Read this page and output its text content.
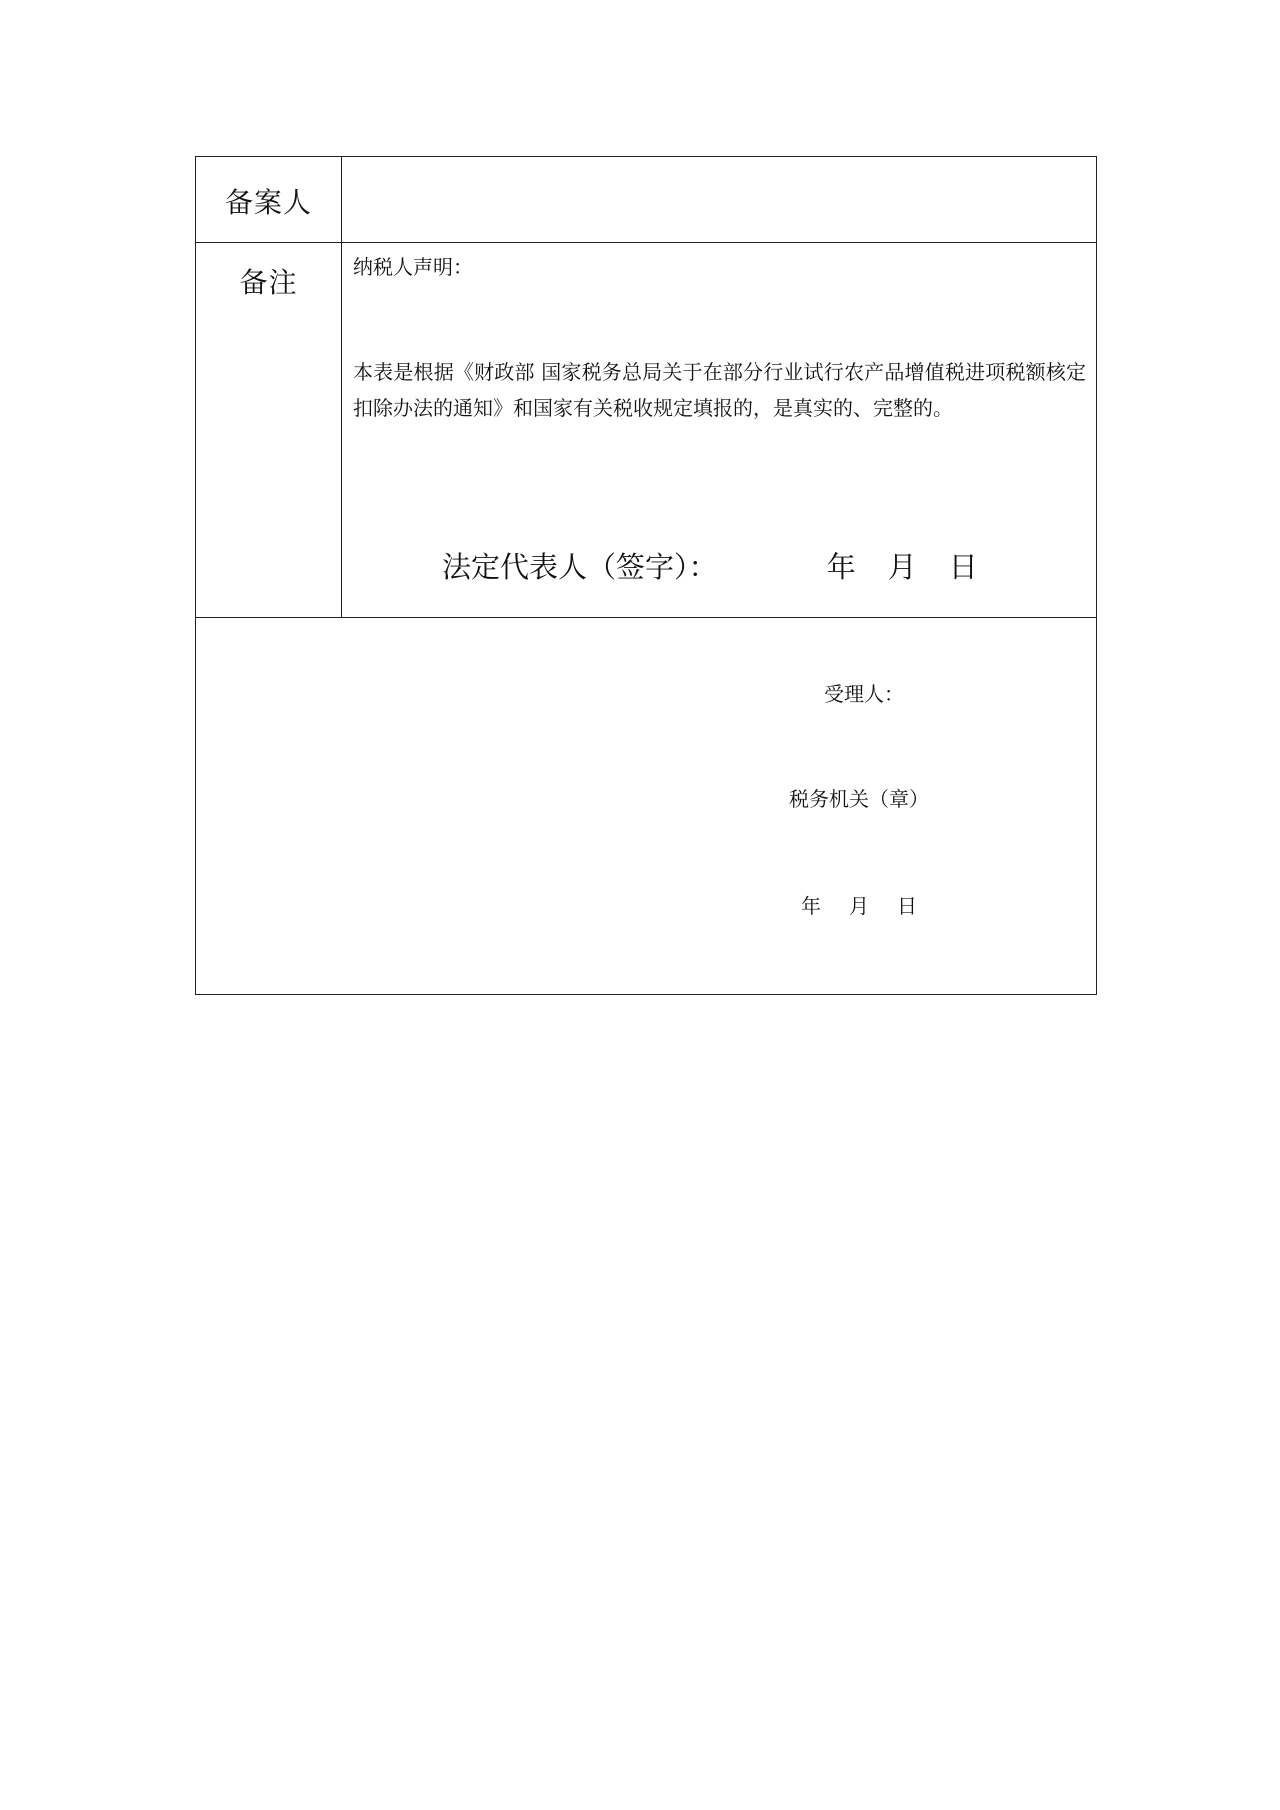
备案人
备注	纳税人声明：
本表是根据《财政部 国家税务总局关于在部分行业试行农产品增值税进项税额核定扣除办法的通知》和国家有关税收规定填报的，是真实的、完整的。
法定代表人（签字）：	年 月 日
受理人：
税务机关（章）
年 月 日
